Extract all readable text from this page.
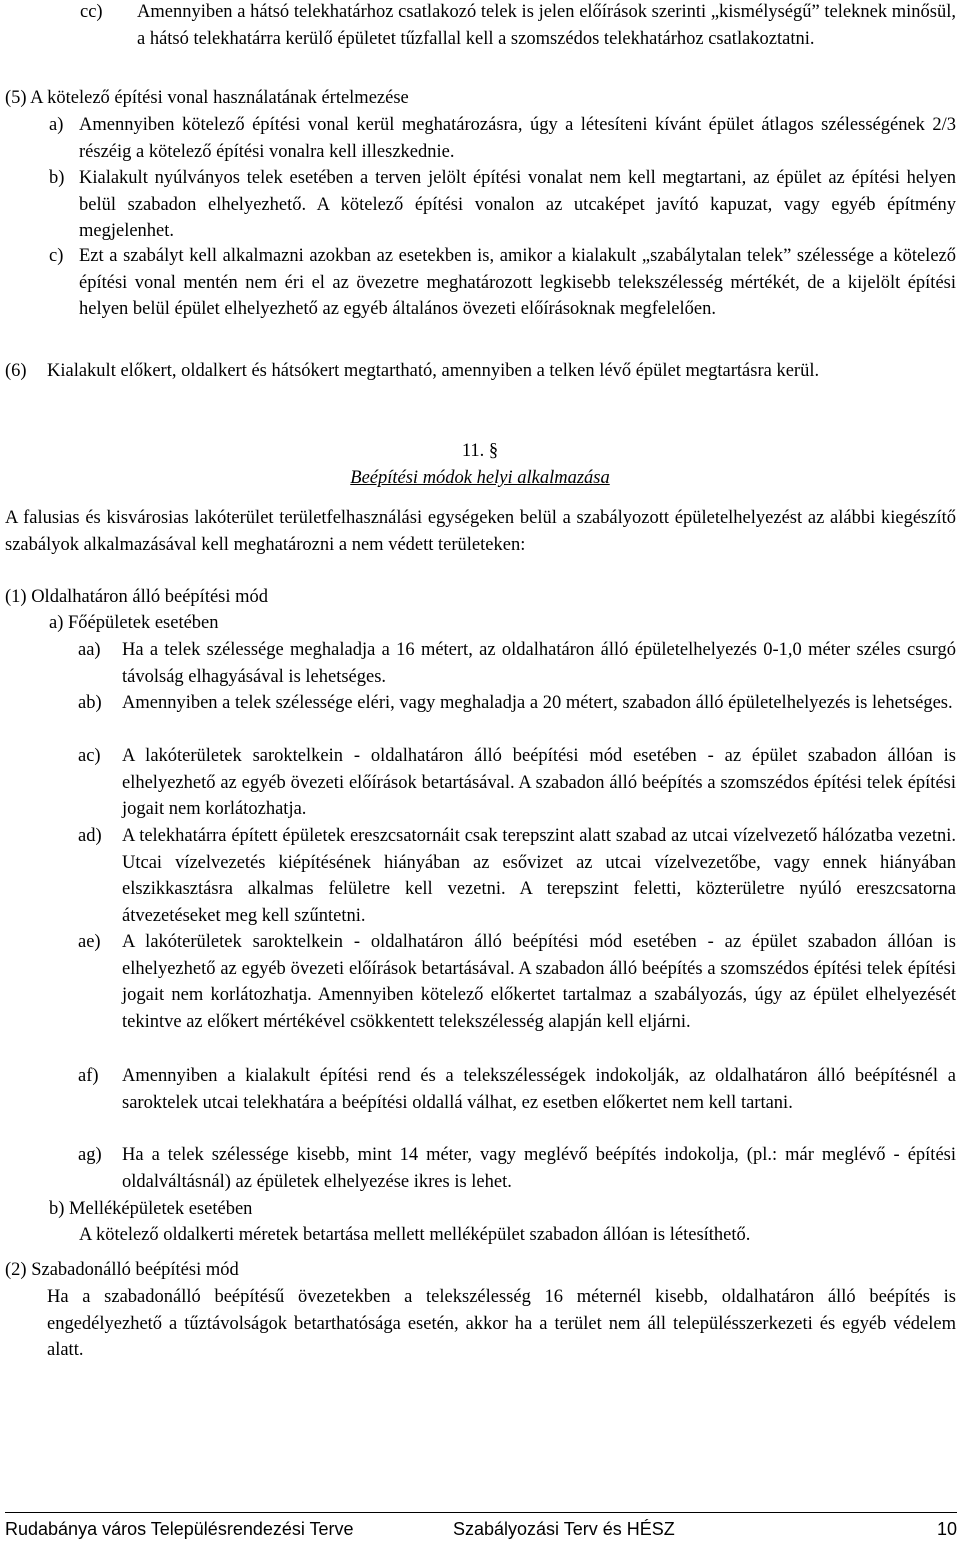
cc) Amennyiben a hátsó telekhatárhoz csatlakozó telek is jelen előírások szerinti „kismélységű” teleknek minősül, a hátsó telekhatárra kerülő épületet tűzfallal kell a szomszédos telekhatárhoz csatlakoztatni.
(5) A kötelező építési vonal használatának értelmezése
a) Amennyiben kötelező építési vonal kerül meghatározásra, úgy a létesíteni kívánt épület átlagos szélességének 2/3 részéig a kötelező építési vonalra kell illeszkednie.
b) Kialakult nyúlványos telek esetében a terven jelölt építési vonalat nem kell megtartani, az épület az építési helyen belül szabadon elhelyezhető. A kötelező építési vonalon az utcaképet javító kapuzat, vagy egyéb építmény megjelenhet.
c) Ezt a szabályt kell alkalmazni azokban az esetekben is, amikor a kialakult „szabálytalan telek” szélessége a kötelező építési vonal mentén nem éri el az övezetre meghatározott legkisebb telekszélesség mértékét, de a kijelölt építési helyen belül épület elhelyezhető az egyéb általános övezeti előírásoknak megfelelően.
(6) Kialakult előkert, oldalkert és hátsókert megtartható, amennyiben a telken lévő épület megtartásra kerül.
11. §
Beépítési módok helyi alkalmazása
A falusias és kisvárosias lakóterület területfelhasználási egységeken belül a szabályozott épületelhelyezést az alábbi kiegészítő szabályok alkalmazásával kell meghatározni a nem védett területeken:
(1) Oldalhatáron álló beépítési mód
a) Főépületek esetében
aa) Ha a telek szélessége meghaladja a 16 métert, az oldalhatáron álló épületelhelyezés 0-1,0 méter széles csurgó távolság elhagyásával is lehetséges.
ab) Amennyiben a telek szélessége eléri, vagy meghaladja a 20 métert, szabadon álló épületelhelyezés is lehetséges.
ac) A lakóterületek saroktelkein - oldalhatáron álló beépítési mód esetében - az épület szabadon állóan is elhelyezhető az egyéb övezeti előírások betartásával. A szabadon álló beépítés a szomszédos építési telek építési jogait nem korlátozhatja.
ad) A telekhatárra épített épületek ereszcsatornáit csak terepszint alatt szabad az utcai vízelvezető hálózatba vezetni. Utcai vízelvezetés kiépítésének hiányában az esővizet az utcai vízelvezetőbe, vagy ennek hiányában elszikkasztásra alkalmas felületre kell vezetni. A terepszint feletti, közterületre nyúló ereszcsatorna átvezetéseket meg kell szűntetni.
ae) A lakóterületek saroktelkein - oldalhatáron álló beépítési mód esetében - az épület szabadon állóan is elhelyezhető az egyéb övezeti előírások betartásával. A szabadon álló beépítés a szomszédos építési telek építési jogait nem korlátozhatja. Amennyiben kötelező előkertet tartalmaz a szabályozás, úgy az épület elhelyezését tekintve az előkert mértékével csökkentett telekszélesség alapján kell eljárni.
af) Amennyiben a kialakult építési rend és a telekszélességek indokolják, az oldalhatáron álló beépítésnél a saroktelek utcai telekhatára a beépítési oldallá válhat, ez esetben előkertet nem kell tartani.
ag) Ha a telek szélessége kisebb, mint 14 méter, vagy meglévő beépítés indokolja, (pl.: már meglévő - építési oldalváltásnál) az épületek elhelyezése ikres is lehet.
b) Melléképületek esetében
A kötelező oldalkerti méretek betartása mellett melléképület szabadon állóan is létesíthető.
(2) Szabadonálló beépítési mód
Ha a szabadonálló beépítésű övezetekben a telekszélesség 16 méternél kisebb, oldalhatáron álló beépítés is engedélyezhető a tűztávolságok betarthatósága esetén, akkor ha a terület nem áll településszerkezeti és egyéb védelem alatt.
Rudabánya város Településrendezési Terve	Szabályozási Terv és HÉSZ	10
